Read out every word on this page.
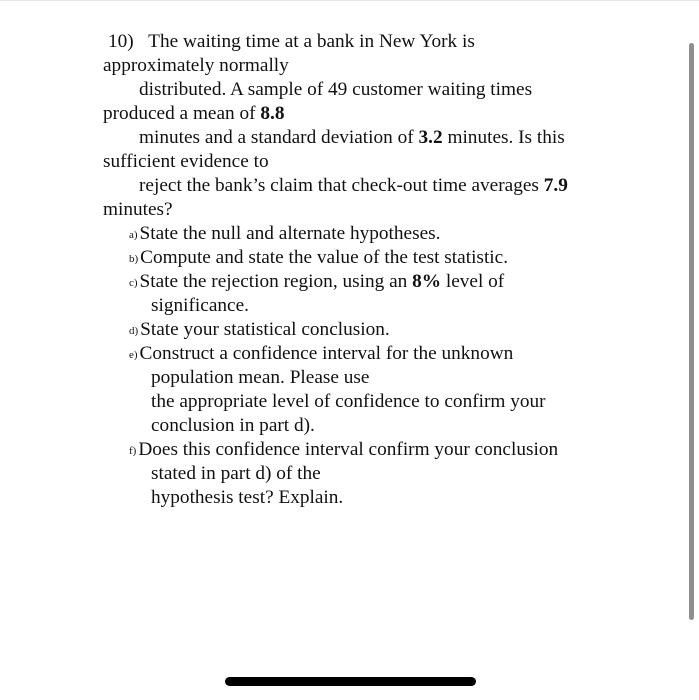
10) The waiting time at a bank in New York is
approximately normally
distributed. A sample of 49 customer waiting times
produced a mean of 8.8
minutes and a standard deviation of 3.2 minutes. Is this
sufficient evidence to
reject the bank’s claim that check-out time averages 7.9
minutes?
a) State the null and alternate hypotheses.
b) Compute and state the value of the test statistic.
c) State the rejection region, using an 8% level of
significance.
d) State your statistical conclusion.
e) Construct a confidence interval for the unknown
population mean. Please use
the appropriate level of confidence to confirm your
conclusion in part d).
f) Does this confidence interval confirm your conclusion
stated in part d) of the
hypothesis test? Explain.
